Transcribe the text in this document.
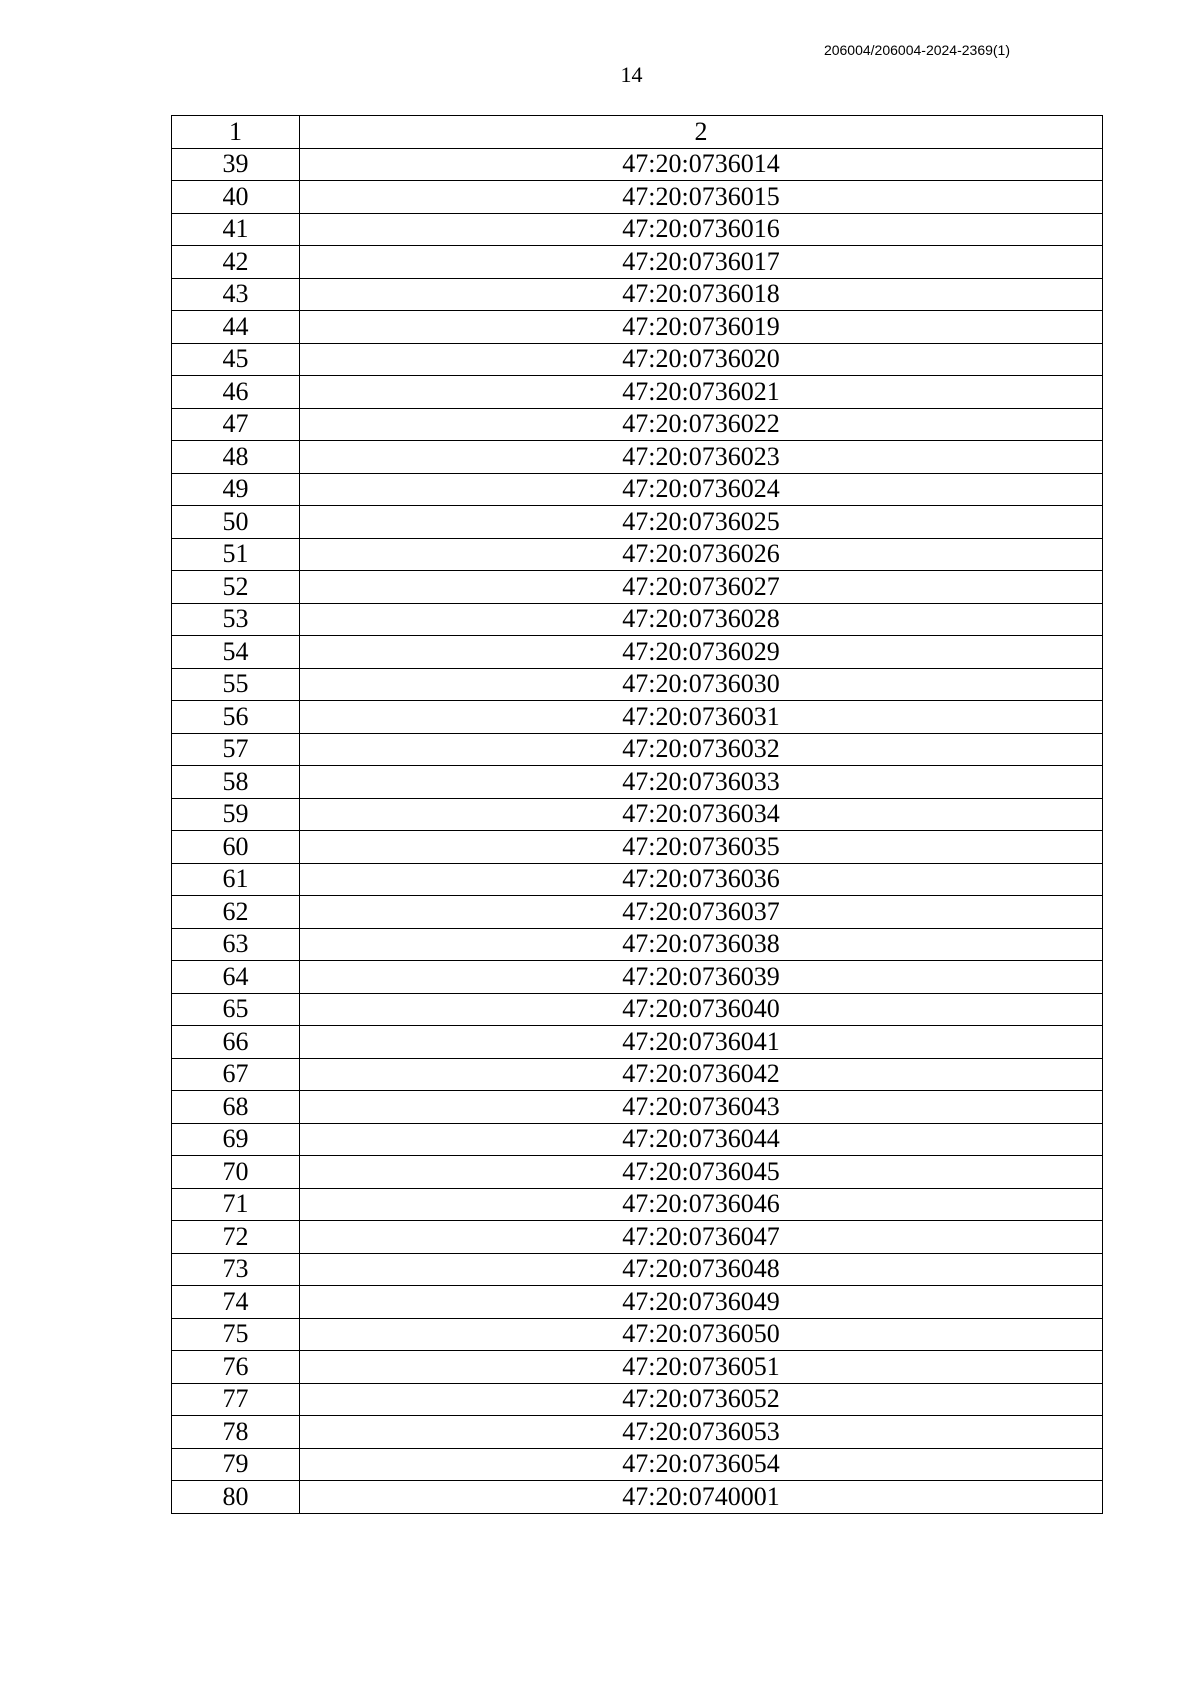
206004/206004-2024-2369(1)
14
1	2
39	47:20:0736014
40	47:20:0736015
41	47:20:0736016
42	47:20:0736017
43	47:20:0736018
44	47:20:0736019
45	47:20:0736020
46	47:20:0736021
47	47:20:0736022
48	47:20:0736023
49	47:20:0736024
50	47:20:0736025
51	47:20:0736026
52	47:20:0736027
53	47:20:0736028
54	47:20:0736029
55	47:20:0736030
56	47:20:0736031
57	47:20:0736032
58	47:20:0736033
59	47:20:0736034
60	47:20:0736035
61	47:20:0736036
62	47:20:0736037
63	47:20:0736038
64	47:20:0736039
65	47:20:0736040
66	47:20:0736041
67	47:20:0736042
68	47:20:0736043
69	47:20:0736044
70	47:20:0736045
71	47:20:0736046
72	47:20:0736047
73	47:20:0736048
74	47:20:0736049
75	47:20:0736050
76	47:20:0736051
77	47:20:0736052
78	47:20:0736053
79	47:20:0736054
80	47:20:0740001
